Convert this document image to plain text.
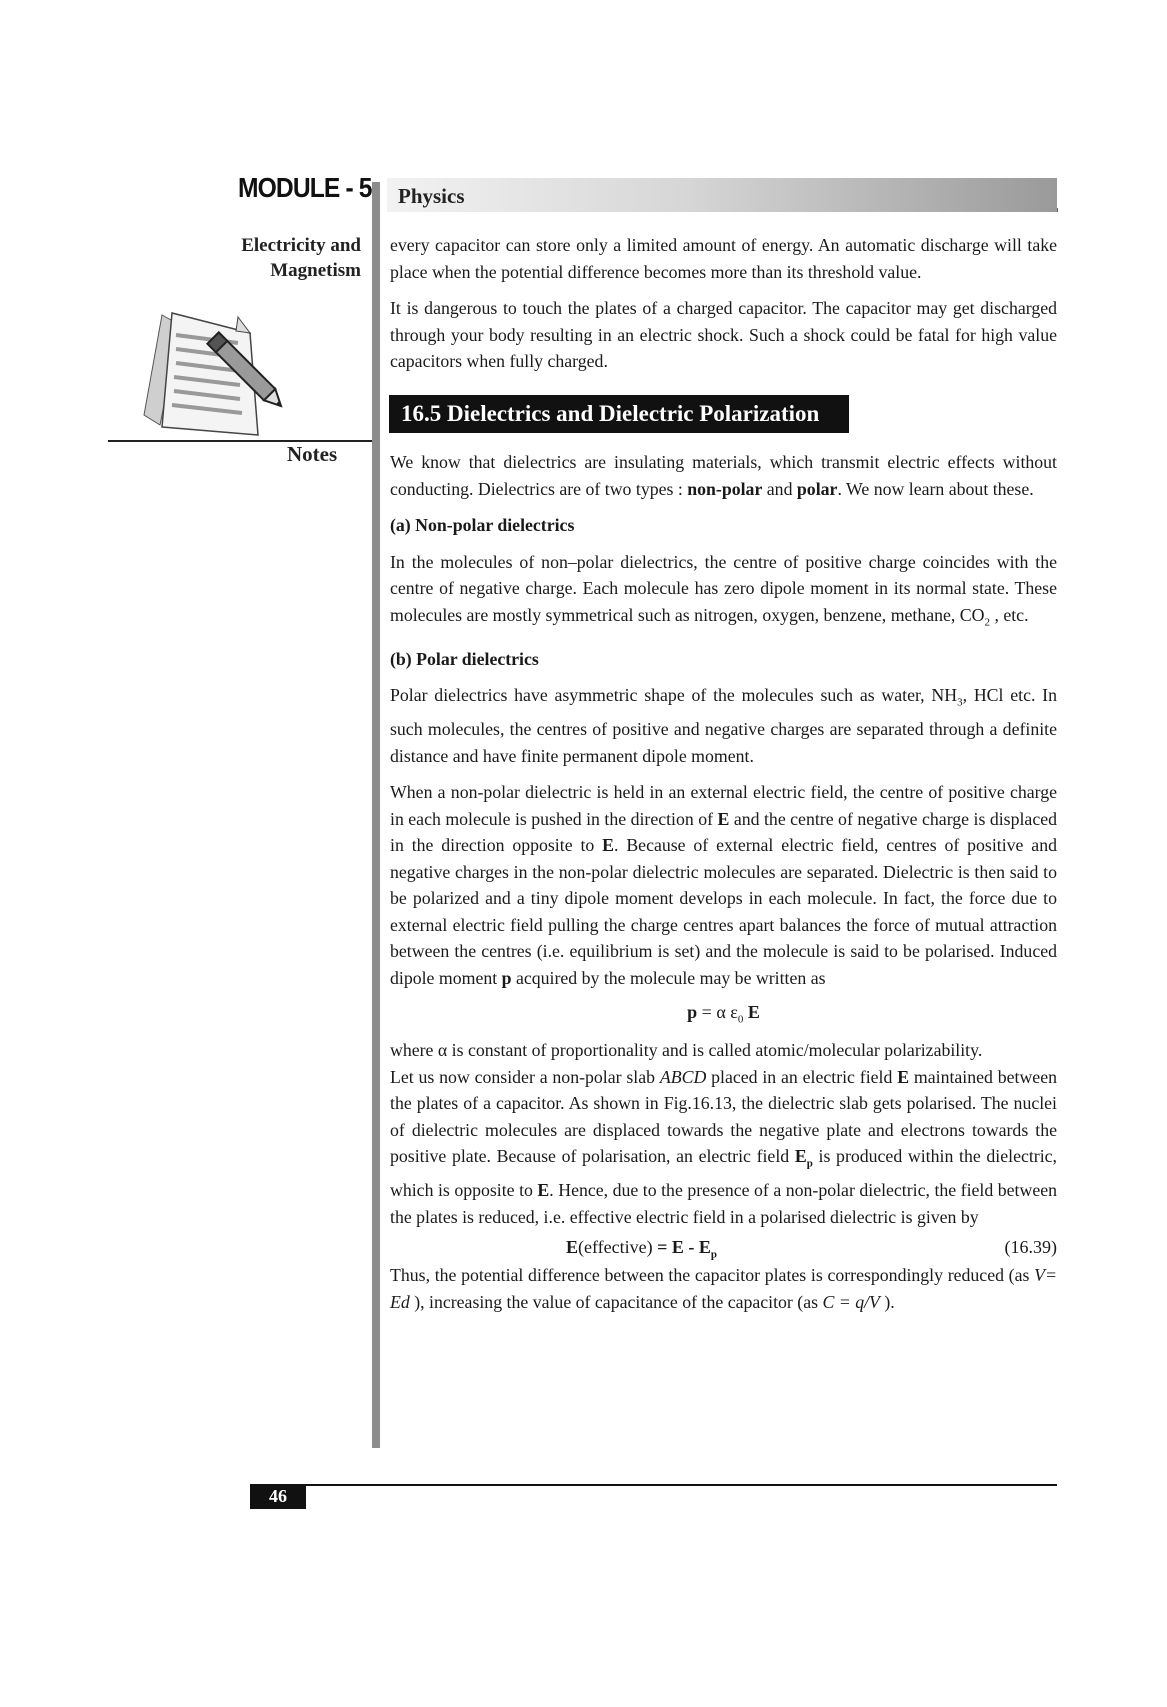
MODULE - 5 Physics
Electricity and
Magnetism
Notes

every capacitor can store only a limited amount of energy. An automatic discharge will take place when the potential difference becomes more than its threshold value.

It is dangerous to touch the plates of a charged capacitor. The capacitor may get discharged through your body resulting in an electric shock. Such a shock could be fatal for high value capacitors when fully charged.

16.5 Dielectrics and Dielectric Polarization

We know that dielectrics are insulating materials, which transmit electric effects without conducting. Dielectrics are of two types : non-polar and polar. We now learn about these.

(a) Non-polar dielectrics

In the molecules of non–polar dielectrics, the centre of positive charge coincides with the centre of negative charge. Each molecule has zero dipole moment in its normal state. These molecules are mostly symmetrical such as nitrogen, oxygen, benzene, methane, $CO_2$ , etc.

(b) Polar dielectrics

Polar dielectrics have asymmetric shape of the molecules such as water, $NH_3$, HCl etc. In such molecules, the centres of positive and negative charges are separated through a definite distance and have finite permanent dipole moment.

When a non-polar dielectric is held in an external electric field, the centre of positive charge in each molecule is pushed in the direction of E and the centre of negative charge is displaced in the direction opposite to E. Because of external electric field, centres of positive and negative charges in the non-polar dielectric molecules are separated. Dielectric is then said to be polarized and a tiny dipole moment develops in each molecule. In fact, the force due to external electric field pulling the charge centres apart balances the force of mutual attraction between the centres (i.e. equilibrium is set) and the molecule is said to be polarised. Induced dipole moment p acquired by the molecule may be written as

p = α $\varepsilon_0$ E

where α is constant of proportionality and is called atomic/molecular polarizability.

Let us now consider a non-polar slab ABCD placed in an electric field E maintained between the plates of a capacitor. As shown in Fig.16.13, the dielectric slab gets polarised. The nuclei of dielectric molecules are displaced towards the negative plate and electrons towards the positive plate. Because of polarisation, an electric field $E_p$ is produced within the dielectric, which is opposite to E. Hence, due to the presence of a non-polar dielectric, the field between the plates is reduced, i.e. effective electric field in a polarised dielectric is given by

E(effective) = E - $E_p$	(16.39)

Thus, the potential difference between the capacitor plates is correspondingly reduced (as V= Ed ), increasing the value of capacitance of the capacitor (as C = q/V ).

46
